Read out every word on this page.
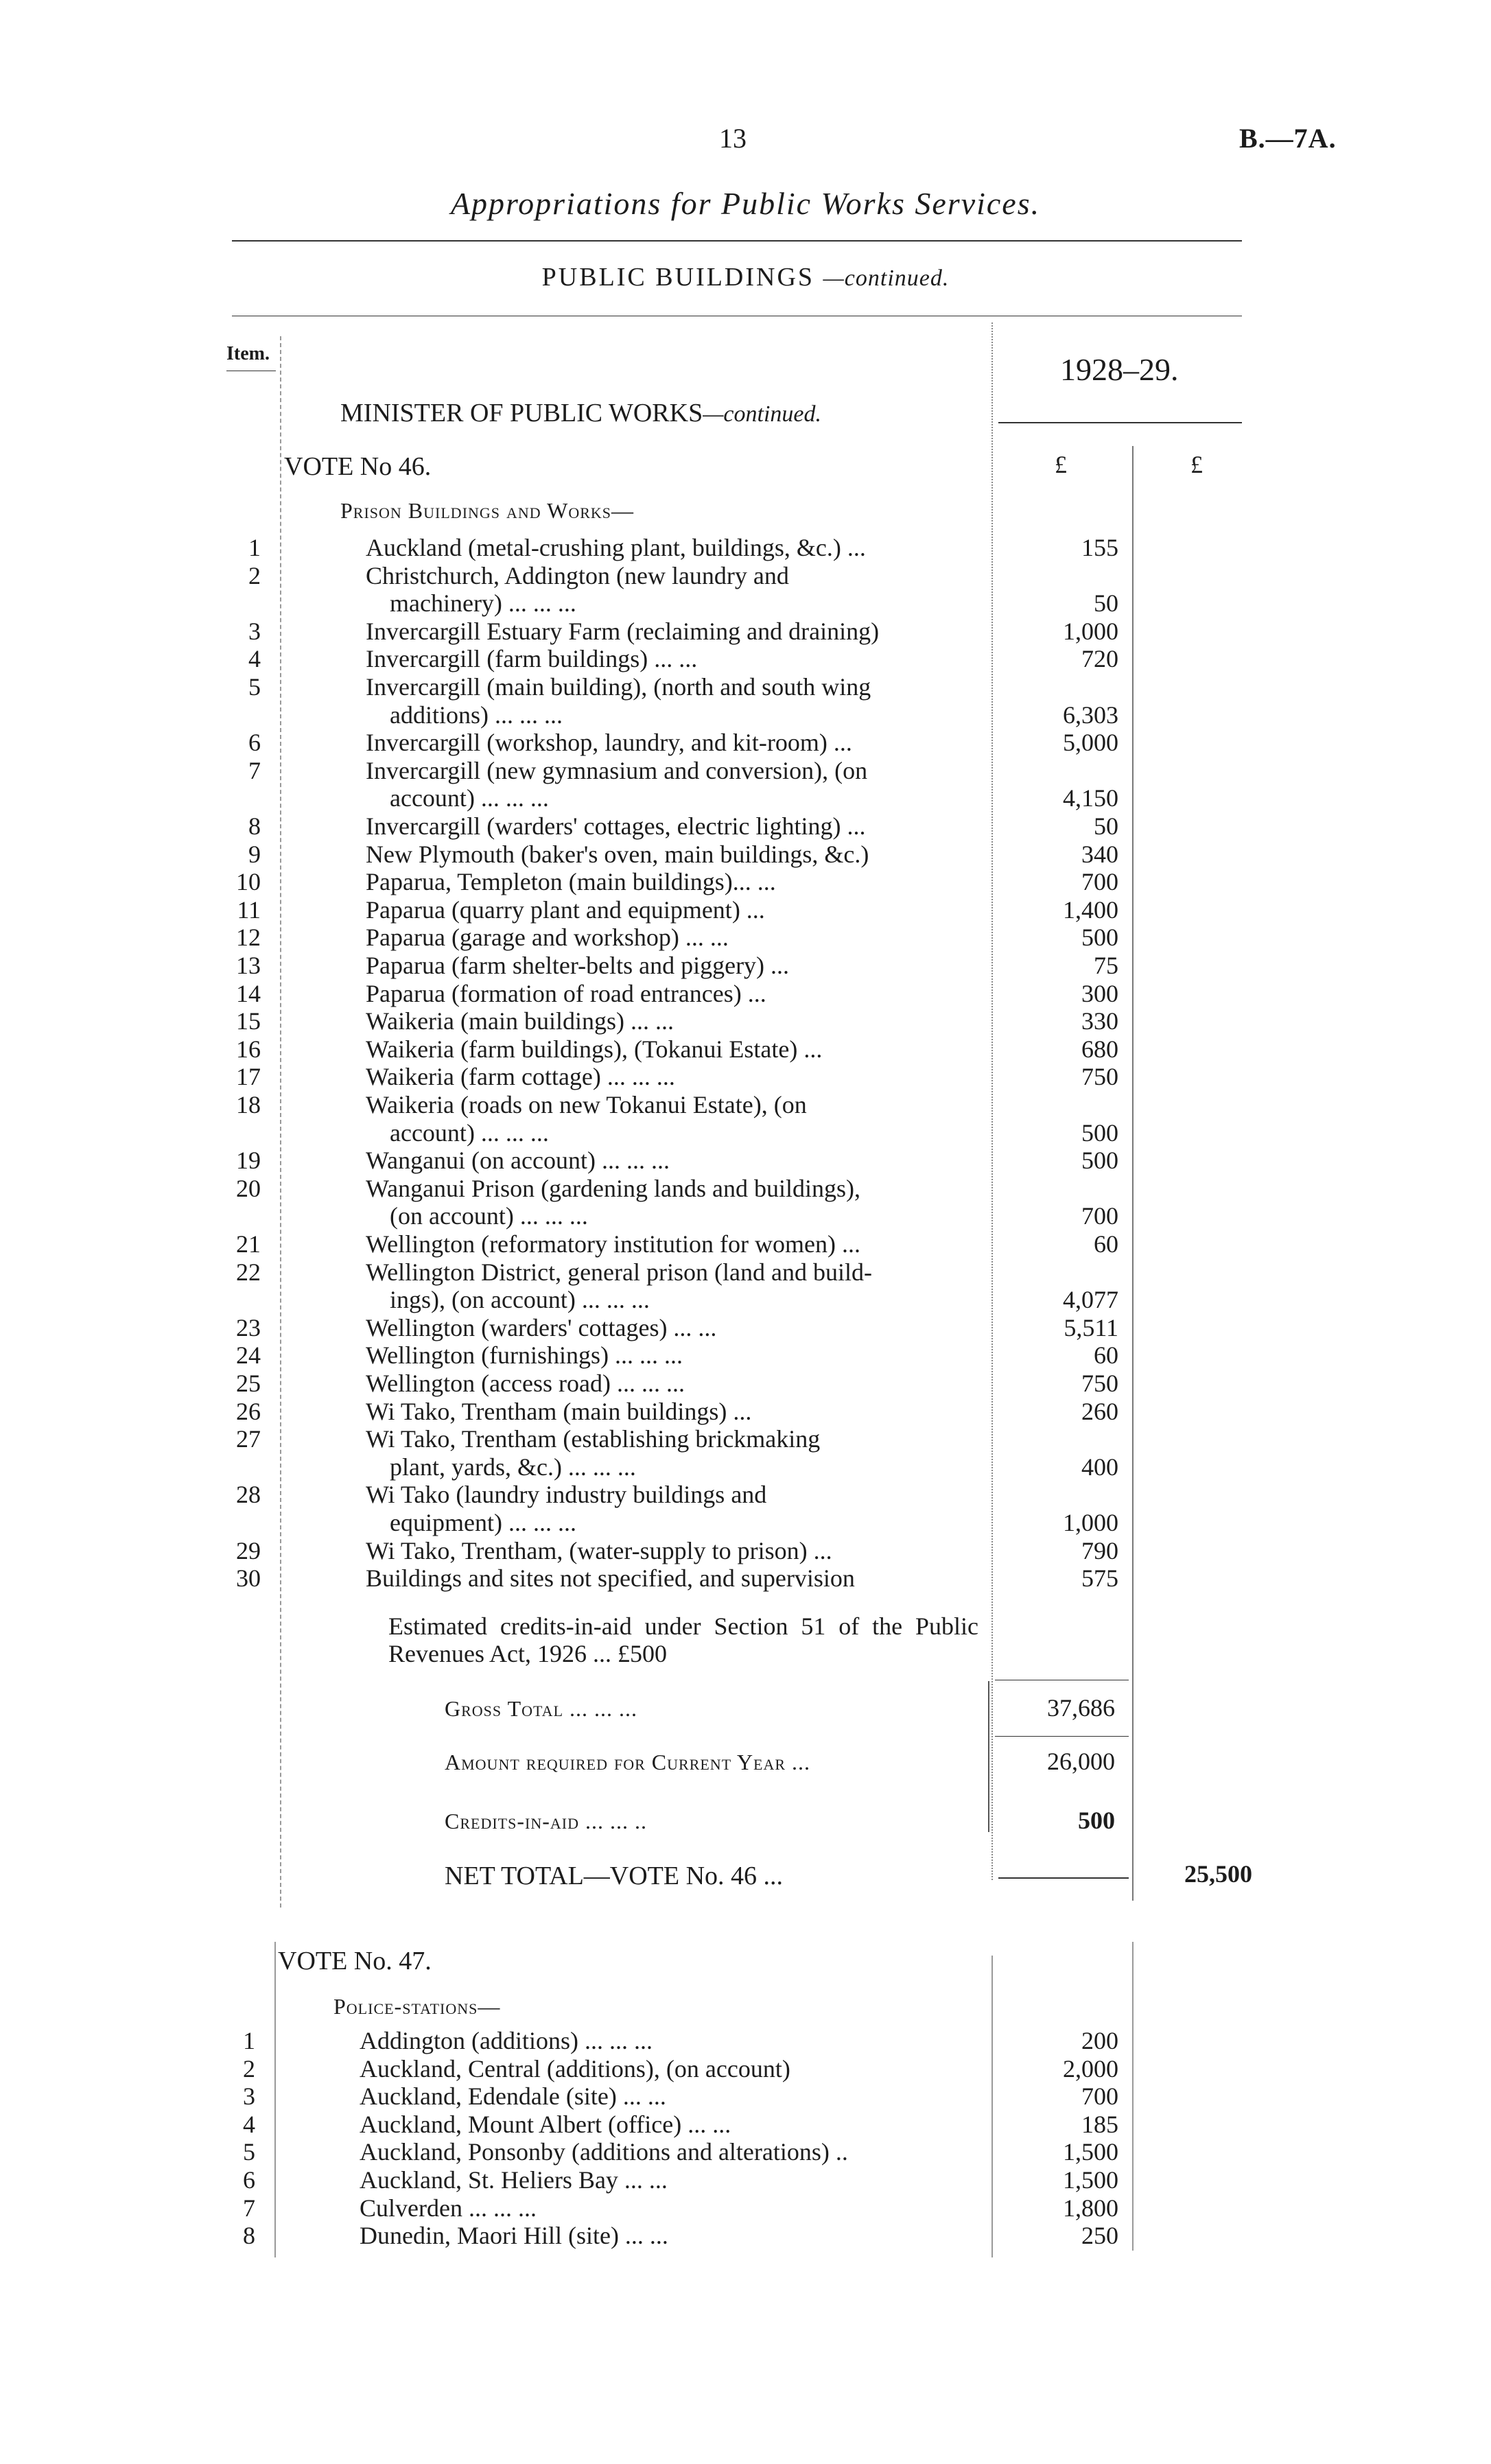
13	B.—7A.
Appropriations for Public Works Services.
PUBLIC BUILDINGS —continued.
Item.	1928–29.
MINISTER OF PUBLIC WORKS—continued.
VOTE No 46.	£	£
Prison Buildings and Works—
1	Auckland (metal-crushing plant, buildings, &c.) ...	155
2	Christchurch, Addington (new laundry and
machinery) ... ... ...	50
3	Invercargill Estuary Farm (reclaiming and draining)	1,000
4	Invercargill (farm buildings) ... ...	720
5	Invercargill (main building), (north and south wing
additions) ... ... ...	6,303
6	Invercargill (workshop, laundry, and kit-room) ...	5,000
7	Invercargill (new gymnasium and conversion), (on
account) ... ... ...	4,150
8	Invercargill (warders' cottages, electric lighting) ...	50
9	New Plymouth (baker's oven, main buildings, &c.)	340
10	Paparua, Templeton (main buildings)... ...	700
11	Paparua (quarry plant and equipment) ...	1,400
12	Paparua (garage and workshop) ... ...	500
13	Paparua (farm shelter-belts and piggery) ...	75
14	Paparua (formation of road entrances) ...	300
15	Waikeria (main buildings) ... ...	330
16	Waikeria (farm buildings), (Tokanui Estate) ...	680
17	Waikeria (farm cottage) ... ... ...	750
18	Waikeria (roads on new Tokanui Estate), (on
account) ... ... ...	500
19	Wanganui (on account) ... ... ...	500
20	Wanganui Prison (gardening lands and buildings),
(on account) ... ... ...	700
21	Wellington (reformatory institution for women) ...	60
22	Wellington District, general prison (land and build-
ings), (on account) ... ... ...	4,077
23	Wellington (warders' cottages) ... ...	5,511
24	Wellington (furnishings) ... ... ...	60
25	Wellington (access road) ... ... ...	750
26	Wi Tako, Trentham (main buildings) ...	260
27	Wi Tako, Trentham (establishing brickmaking
plant, yards, &c.) ... ... ...	400
28	Wi Tako (laundry industry buildings and
equipment) ... ... ...	1,000
29	Wi Tako, Trentham, (water-supply to prison) ...	790
30	Buildings and sites not specified, and supervision	575
Estimated credits-in-aid under Section 51 of the Public Revenues Act, 1926 ... £500
Gross Total ... ... ...	37,686
Amount required for Current Year ...	26,000
Credits-in-aid ... ... ..	500
NET TOTAL—VOTE No. 46 ...	25,500
VOTE No. 47.
Police-stations—
1	Addington (additions) ... ... ...	200
2	Auckland, Central (additions), (on account)	2,000
3	Auckland, Edendale (site) ... ...	700
4	Auckland, Mount Albert (office) ... ...	185
5	Auckland, Ponsonby (additions and alterations) ..	1,500
6	Auckland, St. Heliers Bay ... ...	1,500
7	Culverden ... ... ...	1,800
8	Dunedin, Maori Hill (site) ... ...	250
